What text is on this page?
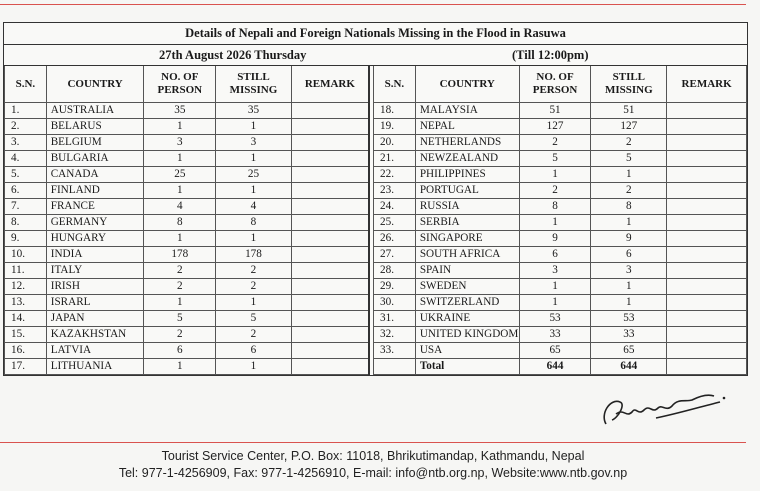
Details of Nepali and Foreign Nationals Missing in the Flood in Rasuwa
27th August 2026 Thursday	(Till 12:00pm)
S.N.	COUNTRY	NO. OF PERSON	STILL MISSING	REMARK
1.	AUSTRALIA	35	35	
2.	BELARUS	1	1	
3.	BELGIUM	3	3	
4.	BULGARIA	1	1	
5.	CANADA	25	25	
6.	FINLAND	1	1	
7.	FRANCE	4	4	
8.	GERMANY	8	8	
9.	HUNGARY	1	1	
10.	INDIA	178	178	
11.	ITALY	2	2	
12.	IRISH	2	2	
13.	ISRARL	1	1	
14.	JAPAN	5	5	
15.	KAZAKHSTAN	2	2	
16.	LATVIA	6	6	
17.	LITHUANIA	1	1	
S.N.	COUNTRY	NO. OF PERSON	STILL MISSING	REMARK
18.	MALAYSIA	51	51	
19.	NEPAL	127	127	
20.	NETHERLANDS	2	2	
21.	NEWZEALAND	5	5	
22.	PHILIPPINES	1	1	
23.	PORTUGAL	2	2	
24.	RUSSIA	8	8	
25.	SERBIA	1	1	
26.	SINGAPORE	9	9	
27.	SOUTH AFRICA	6	6	
28.	SPAIN	3	3	
29.	SWEDEN	1	1	
30.	SWITZERLAND	1	1	
31.	UKRAINE	53	53	
32.	UNITED KINGDOM	33	33	
33.	USA	65	65	
	Total	644	644	
Tourist Service Center, P.O. Box: 11018, Bhrikutimandap, Kathmandu, Nepal
Tel: 977-1-4256909, Fax: 977-1-4256910, E-mail: info@ntb.org.np, Website:www.ntb.gov.np
